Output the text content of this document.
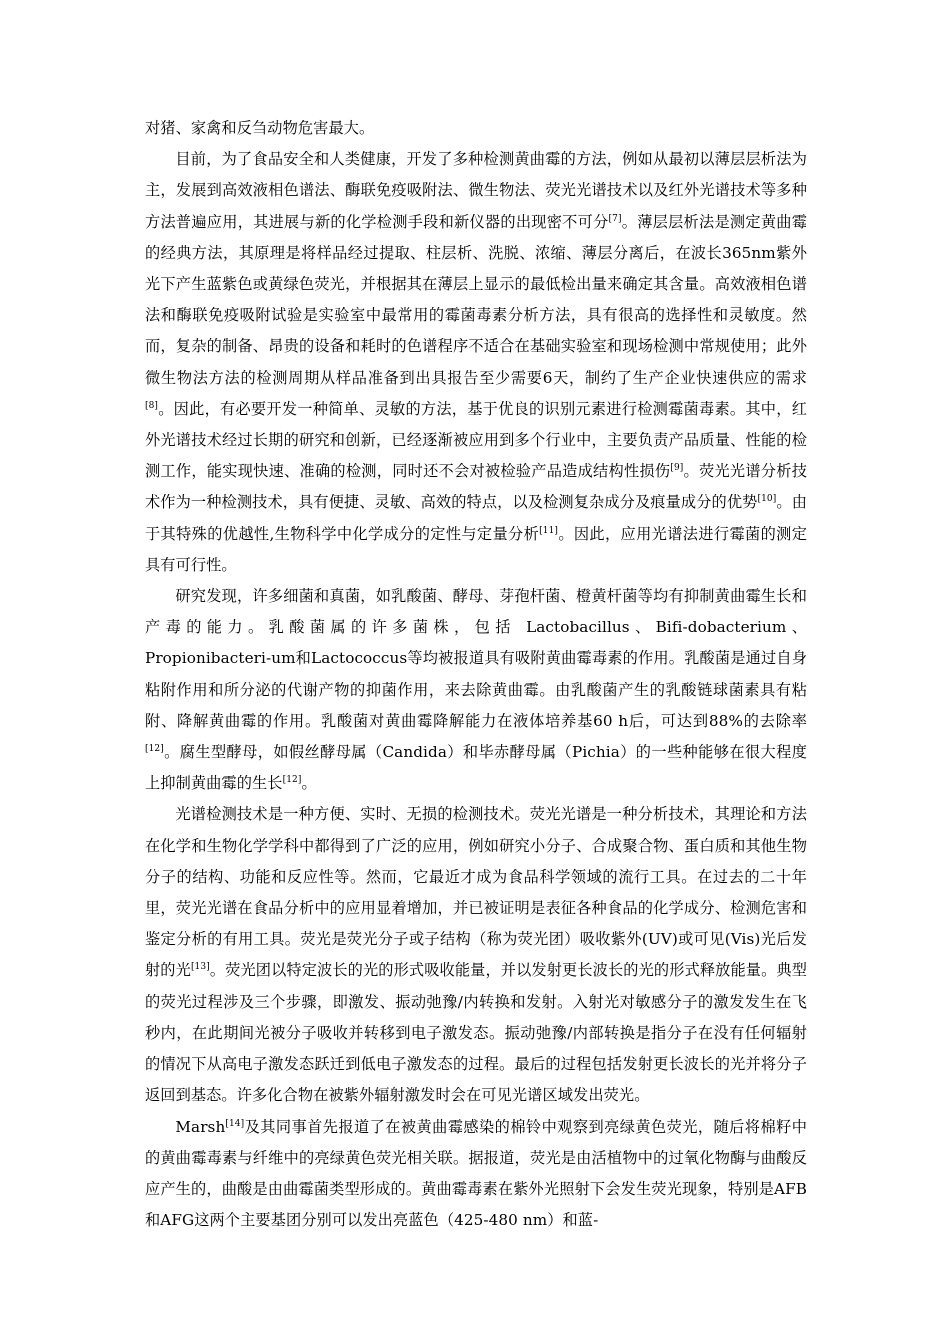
对猪、家禽和反刍动物危害最大。

目前，为了食品安全和人类健康，开发了多种检测黄曲霉的方法，例如从最初以薄层层析法为主，发展到高效液相色谱法、酶联免疫吸附法、微生物法、荧光光谱技术以及红外光谱技术等多种方法普遍应用，其进展与新的化学检测手段和新仪器的出现密不可分[7]。薄层层析法是测定黄曲霉的经典方法，其原理是将样品经过提取、柱层析、洗脱、浓缩、薄层分离后，在波长365nm紫外光下产生蓝紫色或黄绿色荧光，并根据其在薄层上显示的最低检出量来确定其含量。高效液相色谱法和酶联免疫吸附试验是实验室中最常用的霉菌毒素分析方法，具有很高的选择性和灵敏度。然而，复杂的制备、昂贵的设备和耗时的色谱程序不适合在基础实验室和现场检测中常规使用；此外微生物法方法的检测周期从样品准备到出具报告至少需要6天，制约了生产企业快速供应的需求[8]。因此，有必要开发一种简单、灵敏的方法，基于优良的识别元素进行检测霉菌毒素。其中，红外光谱技术经过长期的研究和创新，已经逐渐被应用到多个行业中，主要负责产品质量、性能的检测工作，能实现快速、准确的检测，同时还不会对被检验产品造成结构性损伤[9]。荧光光谱分析技术作为一种检测技术，具有便捷、灵敏、高效的特点，以及检测复杂成分及痕量成分的优势[10]。由于其特殊的优越性,生物科学中化学成分的定性与定量分析[11]。因此，应用光谱法进行霉菌的测定具有可行性。

研究发现，许多细菌和真菌，如乳酸菌、酵母、芽孢杆菌、橙黄杆菌等均有抑制黄曲霉生长和产毒的能力。乳酸菌属的许多菌株，包括 Lactobacillus、Bifi-dobacterium、Propionibacteri-um和Lactococcus等均被报道具有吸附黄曲霉毒素的作用。乳酸菌是通过自身粘附作用和所分泌的代谢产物的抑菌作用，来去除黄曲霉。由乳酸菌产生的乳酸链球菌素具有粘附、降解黄曲霉的作用。乳酸菌对黄曲霉降解能力在液体培养基60 h后，可达到88%的去除率[12]。腐生型酵母，如假丝酵母属（Candida）和毕赤酵母属（Pichia）的一些种能够在很大程度上抑制黄曲霉的生长[12]。

光谱检测技术是一种方便、实时、无损的检测技术。荧光光谱是一种分析技术，其理论和方法在化学和生物化学学科中都得到了广泛的应用，例如研究小分子、合成聚合物、蛋白质和其他生物分子的结构、功能和反应性等。然而，它最近才成为食品科学领域的流行工具。在过去的二十年里，荧光光谱在食品分析中的应用显着增加，并已被证明是表征各种食品的化学成分、检测危害和鉴定分析的有用工具。荧光是荧光分子或子结构（称为荧光团）吸收紫外(UV)或可见(Vis)光后发射的光[13]。荧光团以特定波长的光的形式吸收能量，并以发射更长波长的光的形式释放能量。典型的荧光过程涉及三个步骤，即激发、振动弛豫/内转换和发射。入射光对敏感分子的激发发生在飞秒内，在此期间光被分子吸收并转移到电子激发态。振动弛豫/内部转换是指分子在没有任何辐射的情况下从高电子激发态跃迁到低电子激发态的过程。最后的过程包括发射更长波长的光并将分子返回到基态。许多化合物在被紫外辐射激发时会在可见光谱区域发出荧光。

Marsh[14]及其同事首先报道了在被黄曲霉感染的棉铃中观察到亮绿黄色荧光，随后将棉籽中的黄曲霉毒素与纤维中的亮绿黄色荧光相关联。据报道，荧光是由活植物中的过氧化物酶与曲酸反应产生的，曲酸是由曲霉菌类型形成的。黄曲霉毒素在紫外光照射下会发生荧光现象，特别是AFB和AFG这两个主要基团分别可以发出亮蓝色（425-480 nm）和蓝-
